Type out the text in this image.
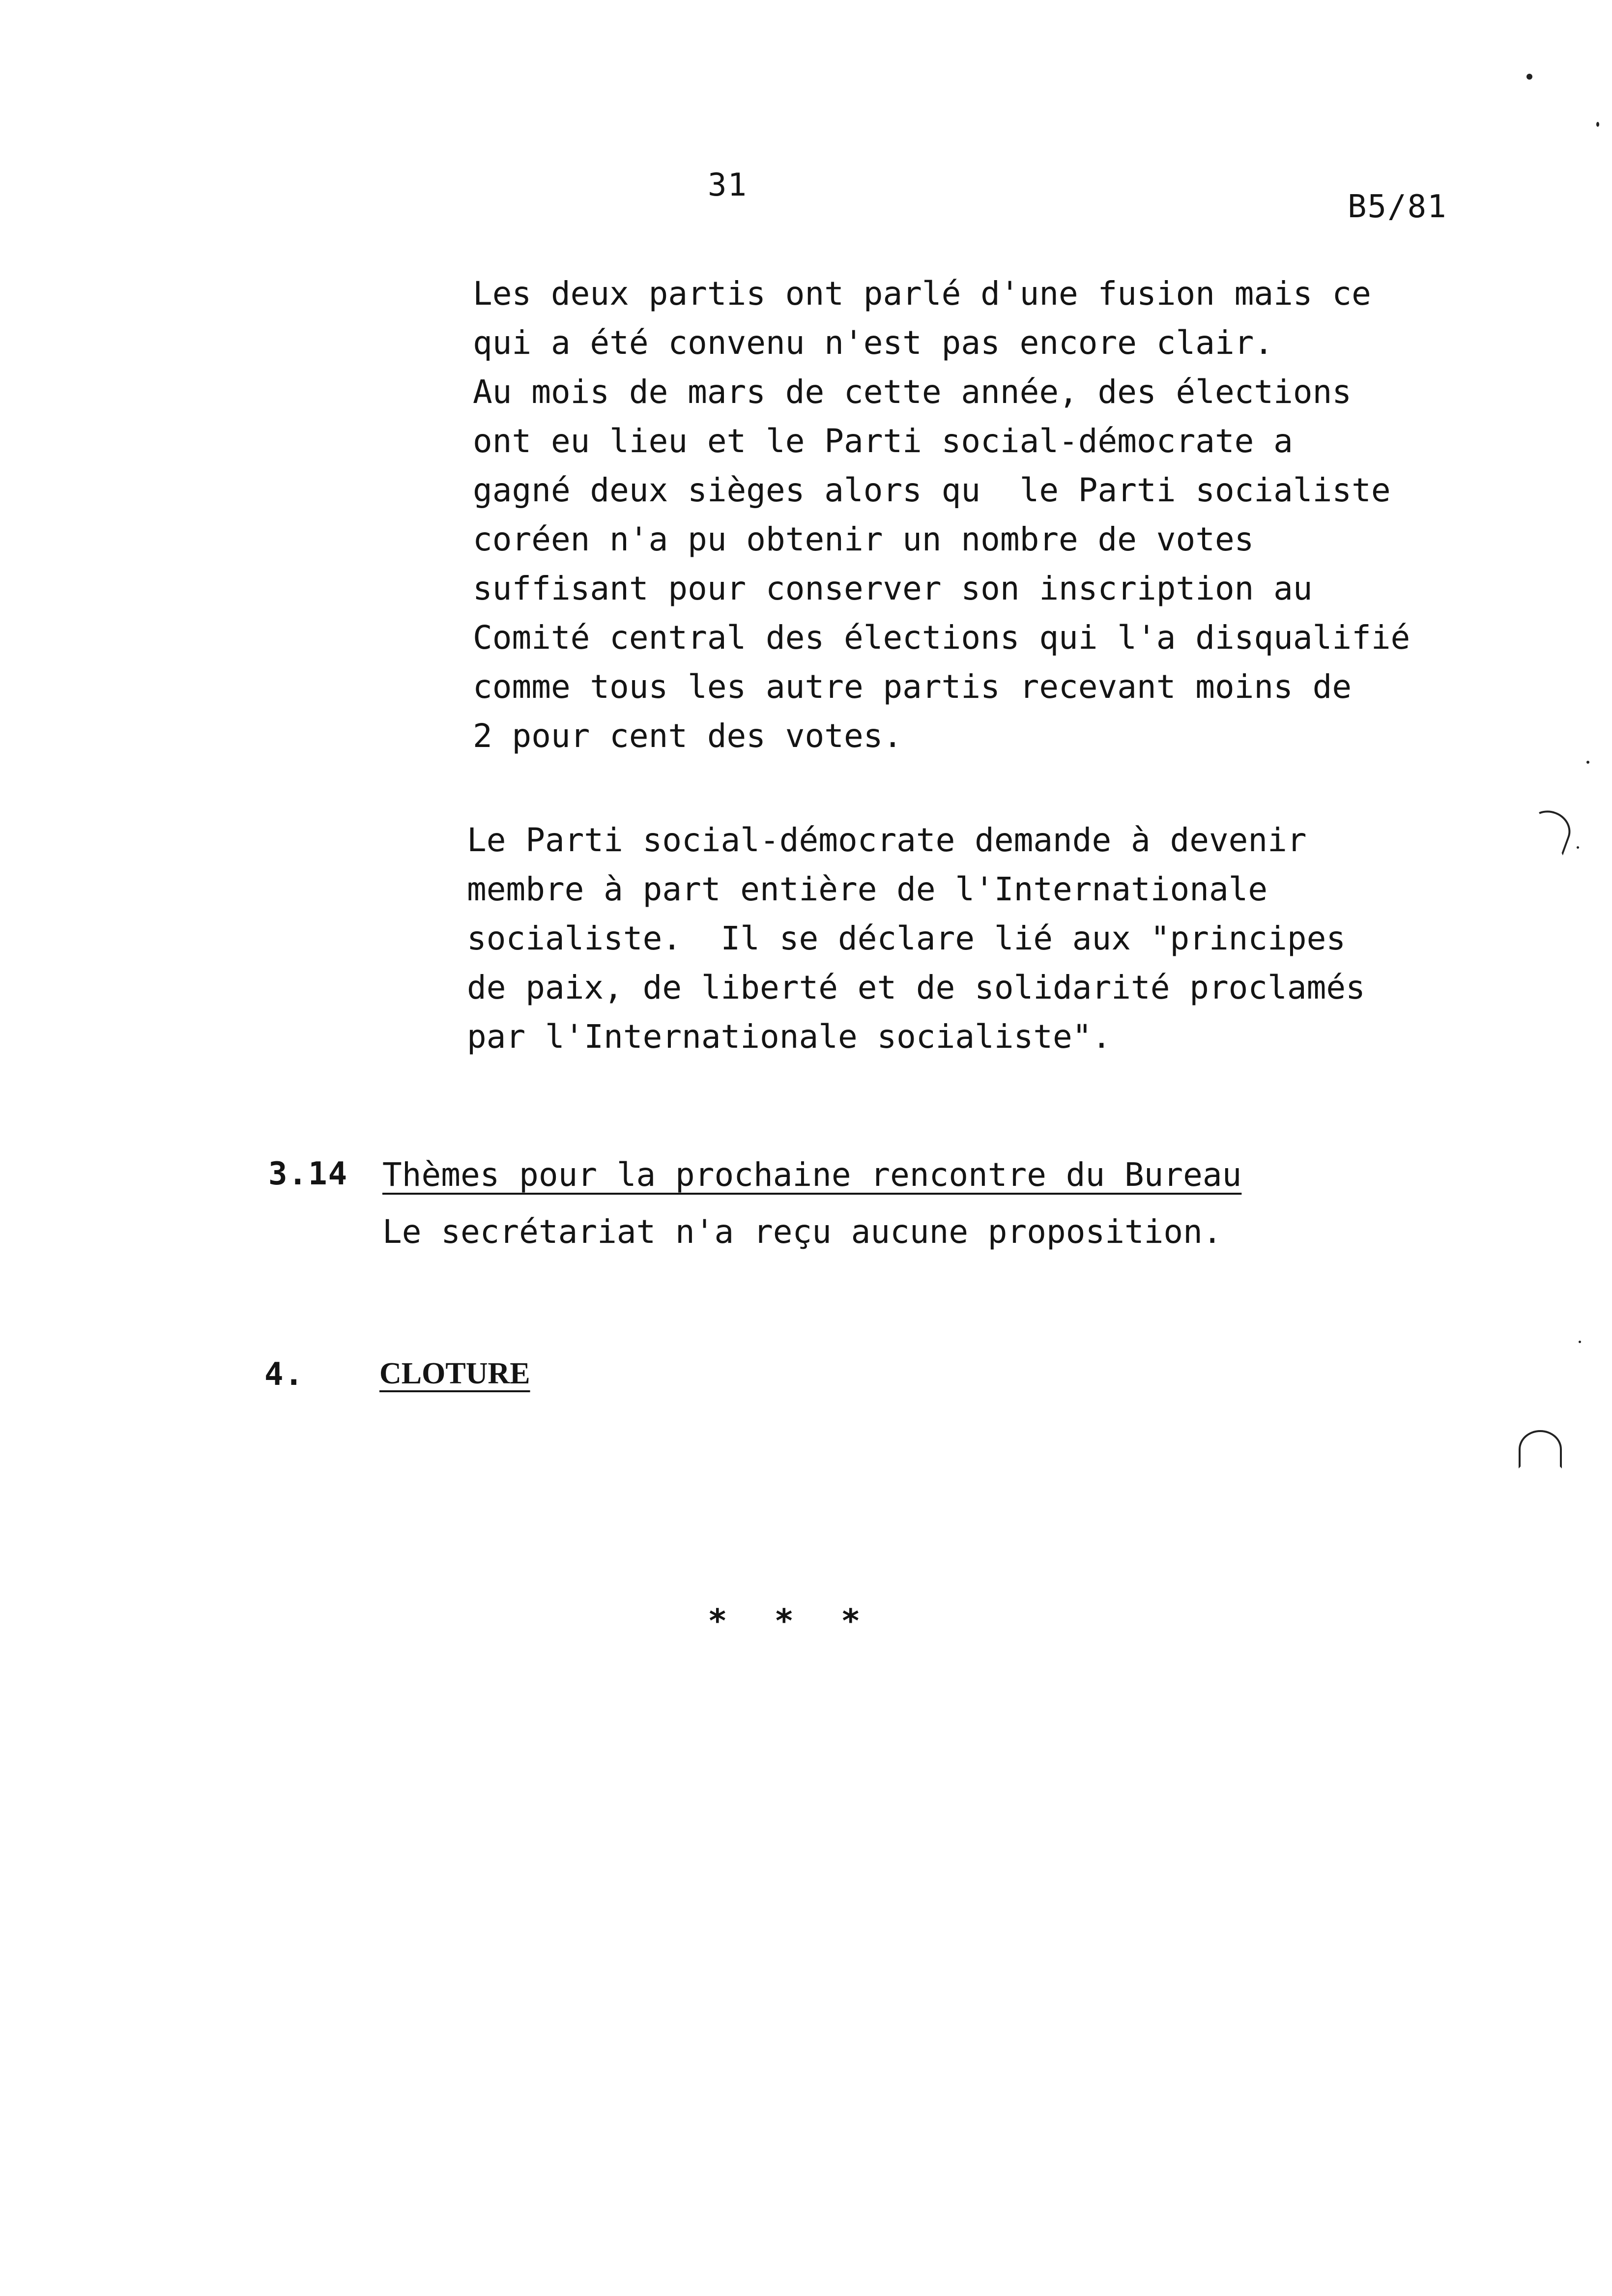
31
B5/81

Les deux partis ont parlé d'une fusion mais ce
qui a été convenu n'est pas encore clair.
Au mois de mars de cette année, des élections
ont eu lieu et le Parti social-démocrate a
gagné deux sièges alors qu  le Parti socialiste
coréen n'a pu obtenir un nombre de votes
suffisant pour conserver son inscription au
Comité central des élections qui l'a disqualifié
comme tous les autre partis recevant moins de
2 pour cent des votes.

Le Parti social-démocrate demande à devenir
membre à part entière de l'Internationale
socialiste.  Il se déclare lié aux "principes
de paix, de liberté et de solidarité proclamés
par l'Internationale socialiste".

3.14 Thèmes pour la prochaine rencontre du Bureau
Le secrétariat n'a reçu aucune proposition.
4. CLOTURE
* * *
